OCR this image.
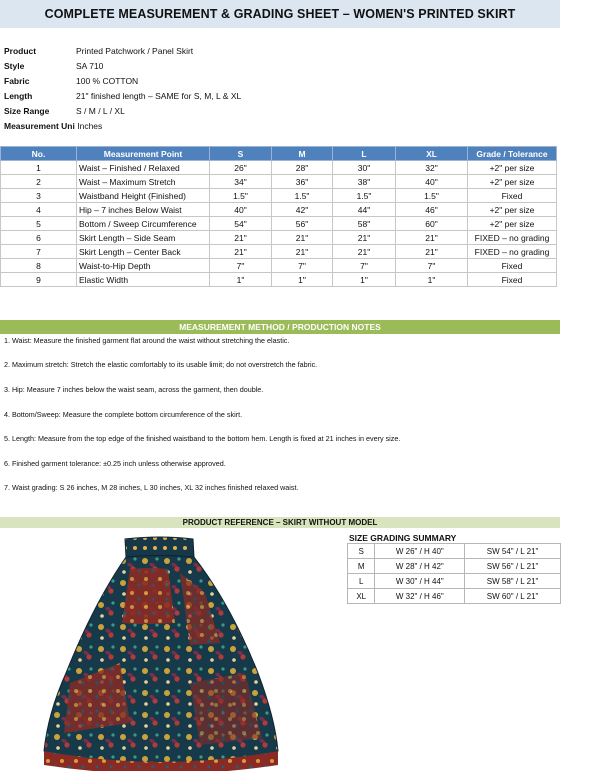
COMPLETE MEASUREMENT & GRADING SHEET – WOMEN'S PRINTED SKIRT
Product	Printed Patchwork / Panel Skirt
Style	SA 710
Fabric	100 % COTTON
Length	21" finished length – SAME for S, M, L & XL
Size Range	S / M / L / XL
Measurement Uni Inches
No.	Measurement Point	S	M	L	XL	Grade / Tolerance
1	Waist – Finished / Relaxed	26"	28"	30"	32"	+2" per size
2	Waist – Maximum Stretch	34"	36"	38"	40"	+2" per size
3	Waistband Height (Finished)	1.5"	1.5"	1.5"	1.5"	Fixed
4	Hip – 7 inches Below Waist	40"	42"	44"	46"	+2" per size
5	Bottom / Sweep Circumference	54"	56"	58"	60"	+2" per size
6	Skirt Length – Side Seam	21"	21"	21"	21"	FIXED – no grading
7	Skirt Length – Center Back	21"	21"	21"	21"	FIXED – no grading
8	Waist-to-Hip Depth	7"	7"	7"	7"	Fixed
9	Elastic Width	1"	1"	1"	1"	Fixed
MEASUREMENT METHOD / PRODUCTION NOTES
1. Waist: Measure the finished garment flat around the waist without stretching the elastic.
2. Maximum stretch: Stretch the elastic comfortably to its usable limit; do not overstretch the fabric.
3. Hip: Measure 7 inches below the waist seam, across the garment, then double.
4. Bottom/Sweep: Measure the complete bottom circumference of the skirt.
5. Length: Measure from the top edge of the finished waistband to the bottom hem. Length is fixed at 21 inches in every size.
6. Finished garment tolerance: ±0.25 inch unless otherwise approved.
7. Waist grading: S 26 inches, M 28 inches, L 30 inches, XL 32 inches finished relaxed waist.
PRODUCT REFERENCE – SKIRT WITHOUT MODEL
SIZE GRADING SUMMARY
S	W 26" / H 40"	SW 54" / L 21"
M	W 28" / H 42"	SW 56" / L 21"
L	W 30" / H 44"	SW 58" / L 21"
XL	W 32" / H 46"	SW 60" / L 21"
